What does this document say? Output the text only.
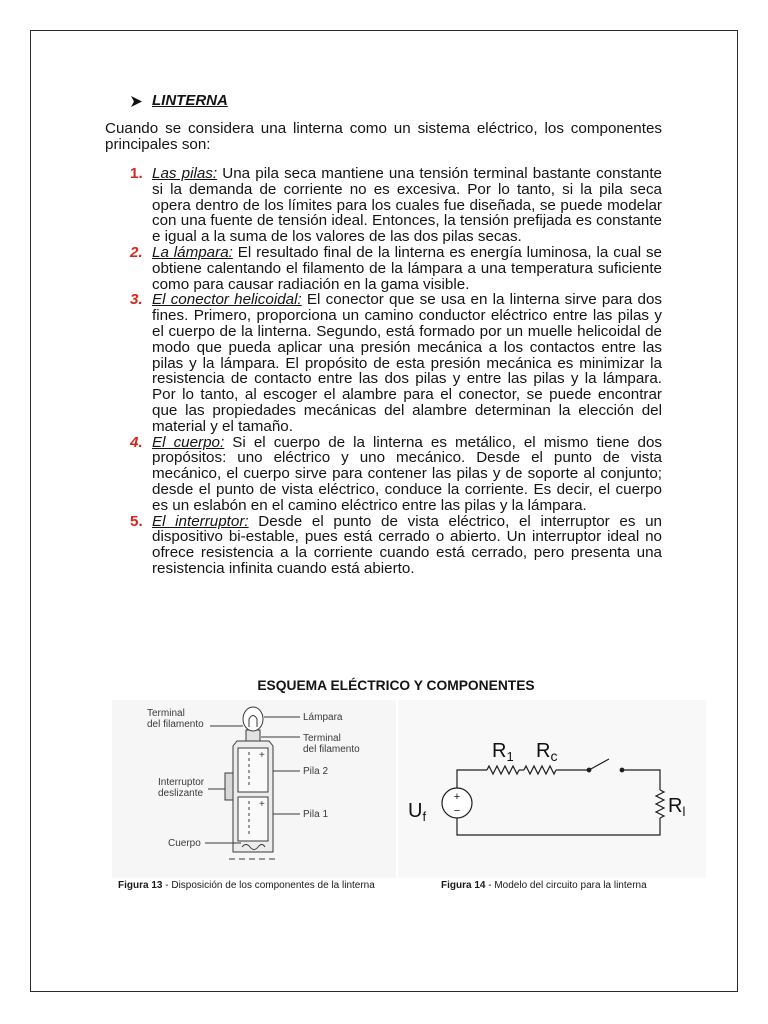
LINTERNA

Cuando se considera una linterna como un sistema eléctrico, los componentes principales son:

1. Las pilas: Una pila seca mantiene una tensión terminal bastante constante si la demanda de corriente no es excesiva. Por lo tanto, si la pila seca opera dentro de los límites para los cuales fue diseñada, se puede modelar con una fuente de tensión ideal. Entonces, la tensión prefijada es constante e igual a la suma de los valores de las dos pilas secas.
2. La lámpara: El resultado final de la linterna es energía luminosa, la cual se obtiene calentando el filamento de la lámpara a una temperatura suficiente como para causar radiación en la gama visible.
3. El conector helicoidal: El conector que se usa en la linterna sirve para dos fines. Primero, proporciona un camino conductor eléctrico entre las pilas y el cuerpo de la linterna. Segundo, está formado por un muelle helicoidal de modo que pueda aplicar una presión mecánica a los contactos entre las pilas y la lámpara. El propósito de esta presión mecánica es minimizar la resistencia de contacto entre las dos pilas y entre las pilas y la lámpara. Por lo tanto, al escoger el alambre para el conector, se puede encontrar que las propiedades mecánicas del alambre determinan la elección del material y el tamaño.
4. El cuerpo: Si el cuerpo de la linterna es metálico, el mismo tiene dos propósitos: uno eléctrico y uno mecánico. Desde el punto de vista mecánico, el cuerpo sirve para contener las pilas y de soporte al conjunto; desde el punto de vista eléctrico, conduce la corriente. Es decir, el cuerpo es un eslabón en el camino eléctrico entre las pilas y la lámpara.
5. El interruptor: Desde el punto de vista eléctrico, el interruptor es un dispositivo bi-estable, pues está cerrado o abierto. Un interruptor ideal no ofrece resistencia a la corriente cuando está cerrado, pero presenta una resistencia infinita cuando está abierto.
ESQUEMA ELÉCTRICO Y COMPONENTES
+
+
Terminal
del filamento
Lámpara
Terminal
del filamento
Pila 2
Interruptor
deslizante
Pila 1
Cuerpo
Figura 13 - Disposición de los componentes de la linterna
+
−
$R_1$ $R_c$
$U_f$	$R_l$
Figura 14 - Modelo del circuito para la linterna
